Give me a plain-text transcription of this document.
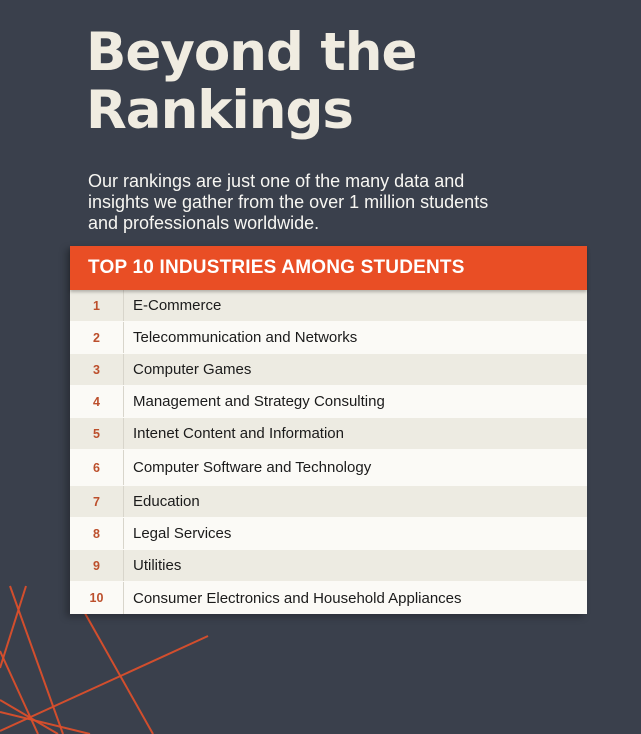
Beyond the
Rankings

Our rankings are just one of the many data and
insights we gather from the over 1 million students
and professionals worldwide.

TOP 10 INDUSTRIES AMONG STUDENTS
1	E-Commerce
2	Telecommunication and Networks
3	Computer Games
4	Management and Strategy Consulting
5	Intenet Content and Information
6	Computer Software and Technology
7	Education
8	Legal Services
9	Utilities
10	Consumer Electronics and Household Appliances
